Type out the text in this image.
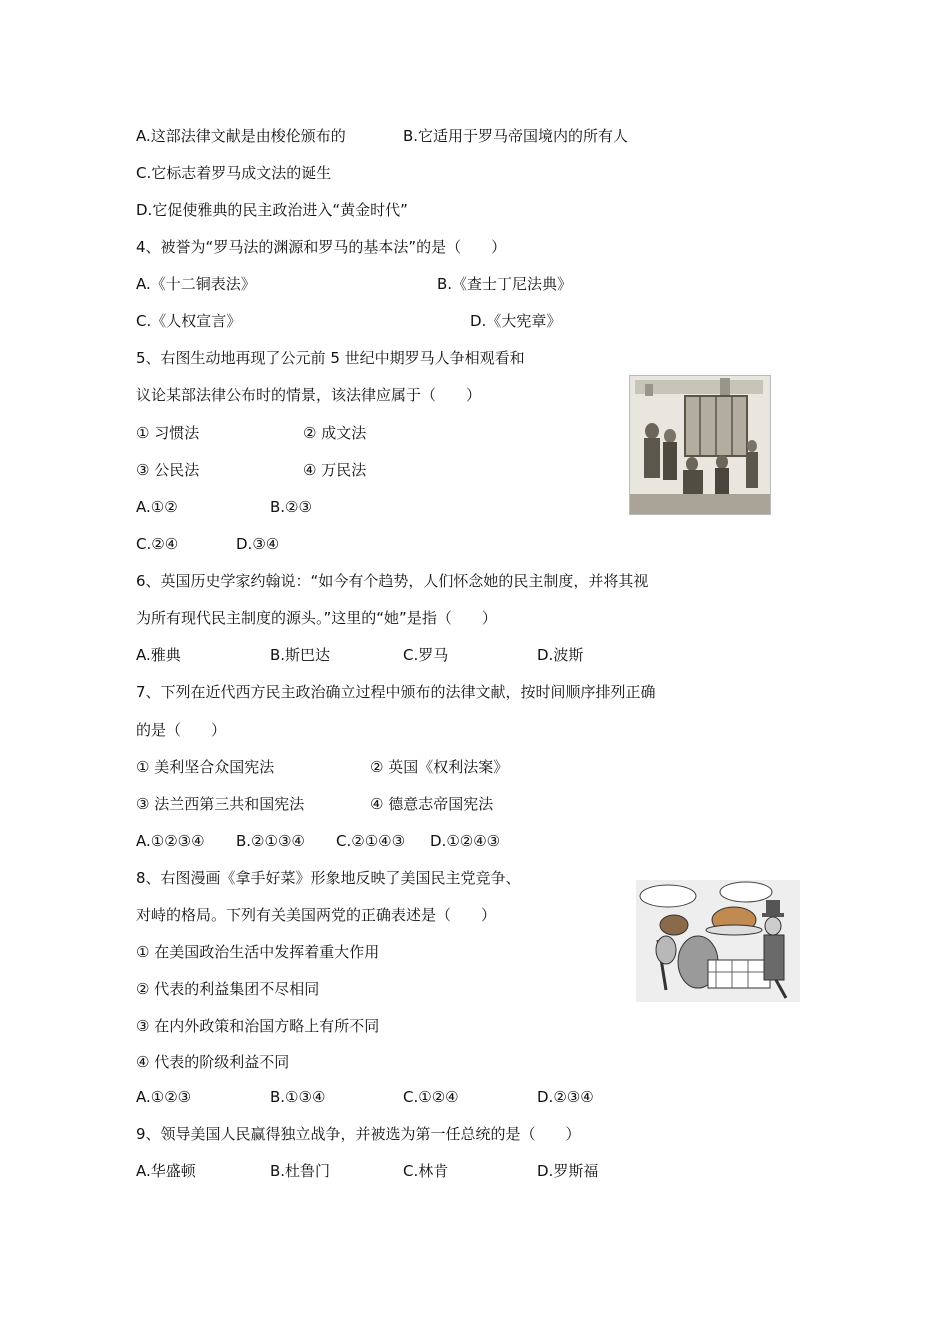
A.这部法律文献是由梭伦颁布的	B.它适用于罗马帝国境内的所有人
C.它标志着罗马成文法的诞生
D.它促使雅典的民主政治进入“黄金时代”
4、被誉为“罗马法的渊源和罗马的基本法”的是（　　）
A.《十二铜表法》	B.《查士丁尼法典》
C.《人权宣言》	D.《大宪章》
5、右图生动地再现了公元前 5 世纪中期罗马人争相观看和
议论某部法律公布时的情景，该法律应属于（　　）
① 习惯法	② 成文法
③ 公民法	④ 万民法
A.①②	B.②③
C.②④	D.③④
6、英国历史学家约翰说：“如今有个趋势，人们怀念她的民主制度，并将其视
为所有现代民主制度的源头。”这里的“她”是指（　　）
A.雅典	B.斯巴达	C.罗马	D.波斯
7、下列在近代西方民主政治确立过程中颁布的法律文献，按时间顺序排列正确
的是（　　）
① 美利坚合众国宪法	② 英国《权利法案》
③ 法兰西第三共和国宪法	④ 德意志帝国宪法
A.①②③④ B.②①③④ C.②①④③ D.①②④③
8、右图漫画《拿手好菜》形象地反映了美国民主党竞争、
对峙的格局。下列有关美国两党的正确表述是（　　）
① 在美国政治生活中发挥着重大作用
② 代表的利益集团不尽相同
③ 在内外政策和治国方略上有所不同
④ 代表的阶级利益不同
A.①②③	B.①③④	C.①②④	D.②③④
9、领导美国人民赢得独立战争，并被选为第一任总统的是（　　）
A.华盛顿	B.杜鲁门	C.林肯	D.罗斯福
